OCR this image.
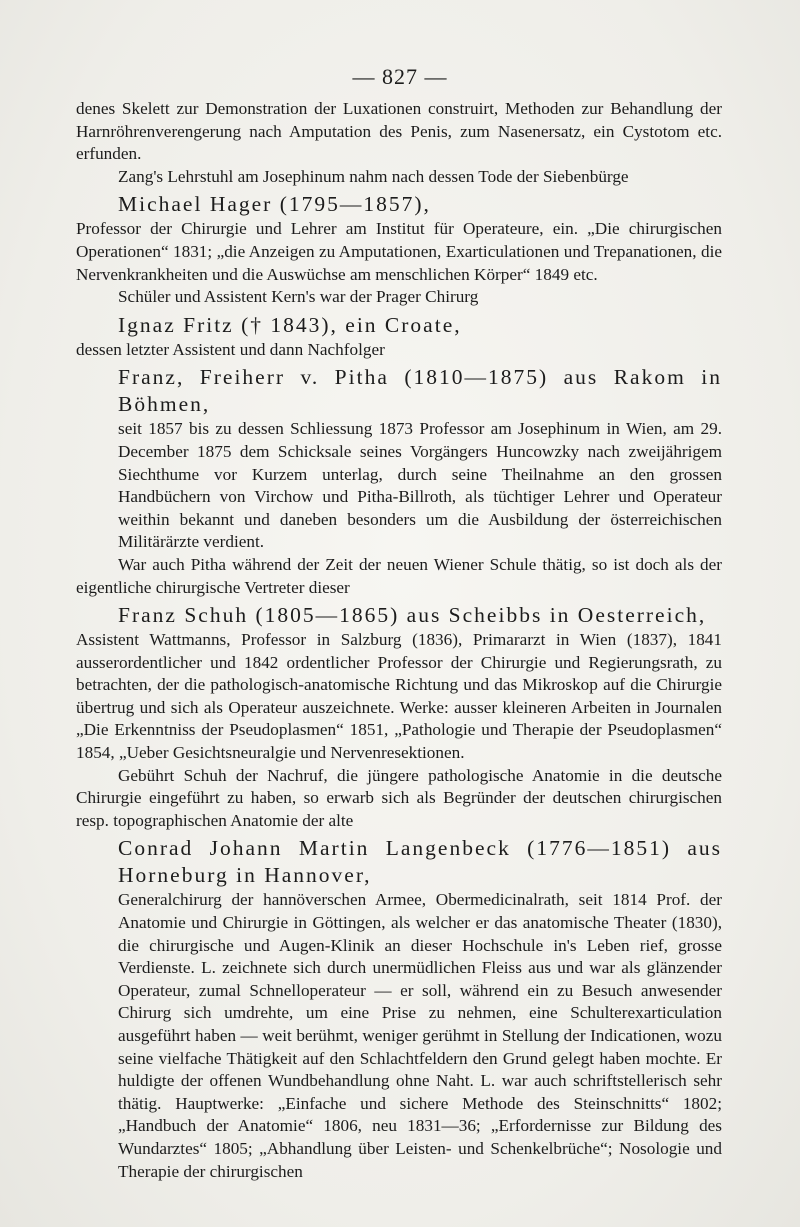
— 827 —

denes Skelett zur Demonstration der Luxationen construirt, Methoden zur Behandlung der Harnröhrenverengerung nach Amputation des Penis, zum Nasenersatz, ein Cystotom etc. erfunden.

Zang's Lehrstuhl am Josephinum nahm nach dessen Tode der Siebenbürge

Michael Hager (1795—1857),

Professor der Chirurgie und Lehrer am Institut für Operateure, ein. „Die chirurgischen Operationen“ 1831; „die Anzeigen zu Amputationen, Exarticulationen und Trepanationen, die Nervenkrankheiten und die Auswüchse am menschlichen Körper“ 1849 etc.

Schüler und Assistent Kern's war der Prager Chirurg

Ignaz Fritz († 1843), ein Croate,

dessen letzter Assistent und dann Nachfolger

Franz, Freiherr v. Pitha (1810—1875) aus Rakom in Böhmen,

seit 1857 bis zu dessen Schliessung 1873 Professor am Josephinum in Wien, am 29. December 1875 dem Schicksale seines Vorgängers Huncowzky nach zweijährigem Siechthume vor Kurzem unterlag, durch seine Theilnahme an den grossen Handbüchern von Virchow und Pitha-Billroth, als tüchtiger Lehrer und Operateur weithin bekannt und daneben besonders um die Ausbildung der österreichischen Militärärzte verdient.

War auch Pitha während der Zeit der neuen Wiener Schule thätig, so ist doch als der eigentliche chirurgische Vertreter dieser

Franz Schuh (1805—1865) aus Scheibbs in Oesterreich,

Assistent Wattmanns, Professor in Salzburg (1836), Primararzt in Wien (1837), 1841 ausserordentlicher und 1842 ordentlicher Professor der Chirurgie und Regierungsrath, zu betrachten, der die pathologisch-anatomische Richtung und das Mikroskop auf die Chirurgie übertrug und sich als Operateur auszeichnete. Werke: ausser kleineren Arbeiten in Journalen „Die Erkenntniss der Pseudoplasmen“ 1851, „Pathologie und Therapie der Pseudoplasmen“ 1854, „Ueber Gesichtsneuralgie und Nervenresektionen.

Gebührt Schuh der Nachruf, die jüngere pathologische Anatomie in die deutsche Chirurgie eingeführt zu haben, so erwarb sich als Begründer der deutschen chirurgischen resp. topographischen Anatomie der alte

Conrad Johann Martin Langenbeck (1776—1851) aus Horneburg in Hannover,

Generalchirurg der hannöverschen Armee, Obermedicinalrath, seit 1814 Prof. der Anatomie und Chirurgie in Göttingen, als welcher er das anatomische Theater (1830), die chirurgische und Augen-Klinik an dieser Hochschule in's Leben rief, grosse Verdienste. L. zeichnete sich durch unermüdlichen Fleiss aus und war als glänzender Operateur, zumal Schnelloperateur — er soll, während ein zu Besuch anwesender Chirurg sich umdrehte, um eine Prise zu nehmen, eine Schulterexarticulation ausgeführt haben — weit berühmt, weniger gerühmt in Stellung der Indicationen, wozu seine vielfache Thätigkeit auf den Schlachtfeldern den Grund gelegt haben mochte. Er huldigte der offenen Wundbehandlung ohne Naht. L. war auch schriftstellerisch sehr thätig. Hauptwerke: „Einfache und sichere Methode des Steinschnitts“ 1802; „Handbuch der Anatomie“ 1806, neu 1831—36; „Erfordernisse zur Bildung des Wundarztes“ 1805; „Abhandlung über Leisten- und Schenkelbrüche“; Nosologie und Therapie der chirurgischen
